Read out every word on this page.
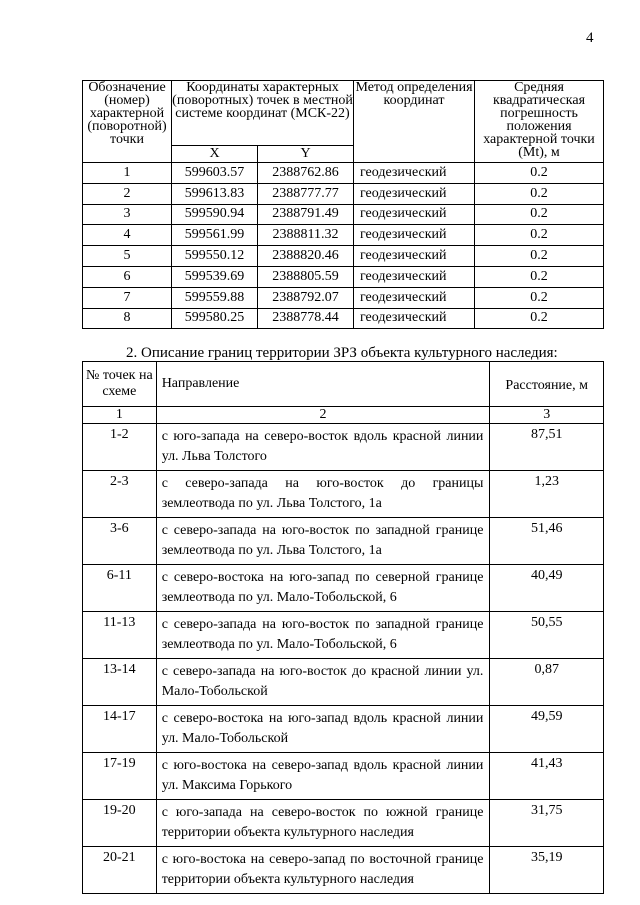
4
Обозначение (номер) характерной (поворотной) точки	Координаты характерных (поворотных) точек в местной системе координат (МСК-22)		Метод определения координат	Средняя квадратическая погрешность положения характерной точки (Mt), м
	X	Y		
1	599603.57	2388762.86	геодезический	0.2
2	599613.83	2388777.77	геодезический	0.2
3	599590.94	2388791.49	геодезический	0.2
4	599561.99	2388811.32	геодезический	0.2
5	599550.12	2388820.46	геодезический	0.2
6	599539.69	2388805.59	геодезический	0.2
7	599559.88	2388792.07	геодезический	0.2
8	599580.25	2388778.44	геодезический	0.2
2. Описание границ территории ЗРЗ объекта культурного наследия:
№ точек на схеме	Направление	Расстояние, м
1	2	3
1-2	с юго-запада на северо-восток вдоль красной линии ул. Льва Толстого	87,51
2-3	с северо-запада на юго-восток до границы землеотвода по ул. Льва Толстого, 1а	1,23
3-6	с северо-запада на юго-восток по западной границе землеотвода по ул. Льва Толстого, 1а	51,46
6-11	с северо-востока на юго-запад по северной границе землеотвода по ул. Мало-Тобольской, 6	40,49
11-13	с северо-запада на юго-восток по западной границе землеотвода по ул. Мало-Тобольской, 6	50,55
13-14	с северо-запада на юго-восток до красной линии ул. Мало-Тобольской	0,87
14-17	с северо-востока на юго-запад вдоль красной линии ул. Мало-Тобольской	49,59
17-19	с юго-востока на северо-запад вдоль красной линии ул. Максима Горького	41,43
19-20	с юго-запада на северо-восток по южной границе территории объекта культурного наследия	31,75
20-21	с юго-востока на северо-запад по восточной границе территории объекта культурного наследия	35,19
